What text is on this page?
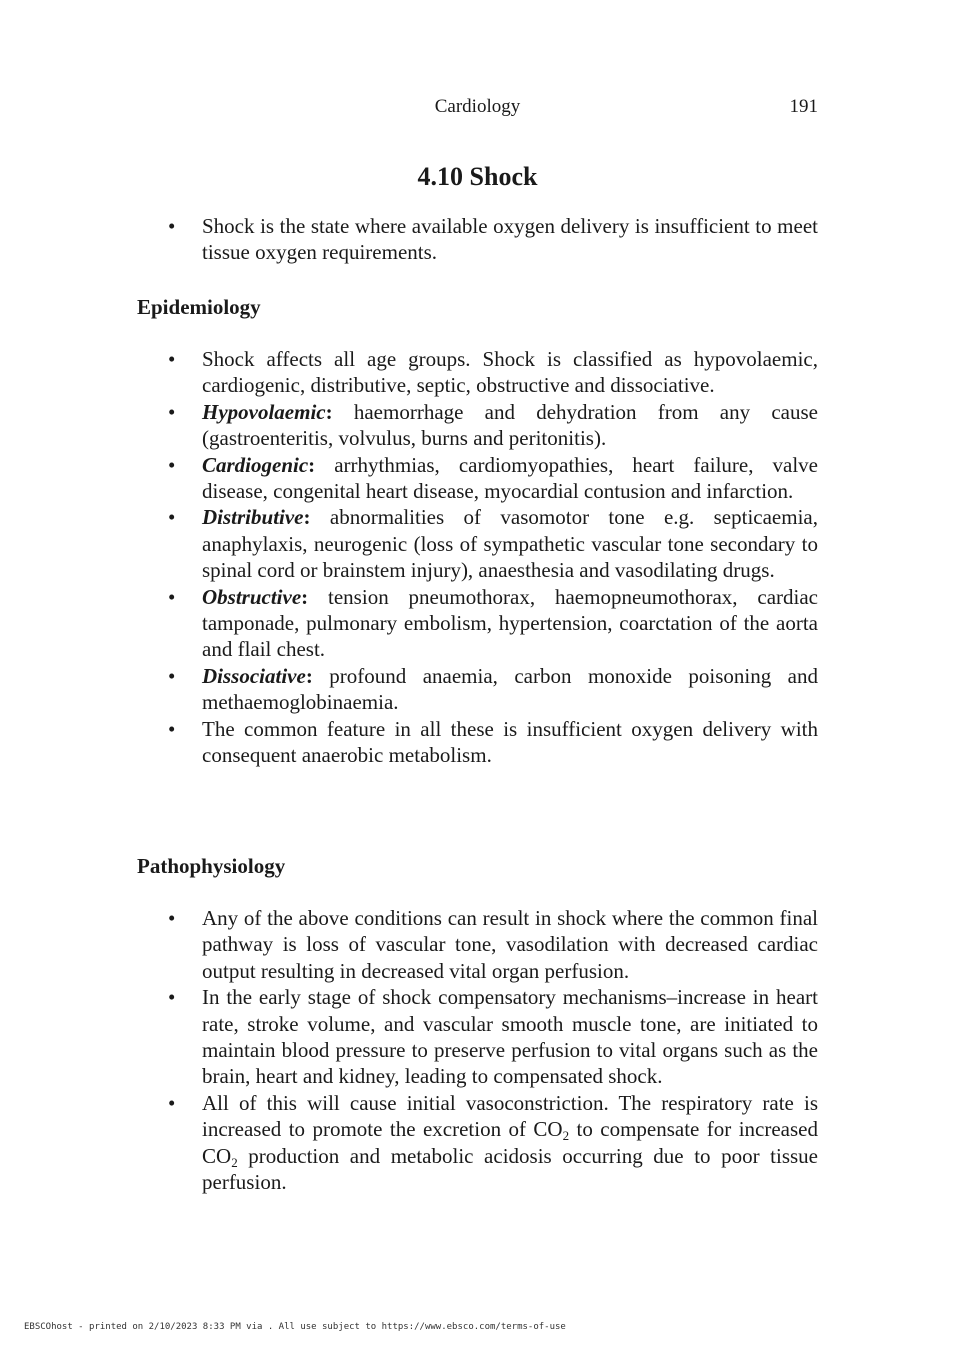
Cardiology	191
4.10 Shock
• Shock is the state where available oxygen delivery is insufficient to meet tissue oxygen requirements.
Epidemiology
• Shock affects all age groups. Shock is classified as hypovolaemic, cardiogenic, distributive, septic, obstructive and dissociative.
• Hypovolaemic: haemorrhage and dehydration from any cause (gastroenteritis, volvulus, burns and peritonitis).
• Cardiogenic: arrhythmias, cardiomyopathies, heart failure, valve disease, congenital heart disease, myocardial contusion and infarction.
• Distributive: abnormalities of vasomotor tone e.g. septicaemia, anaphylaxis, neurogenic (loss of sympathetic vascular tone secondary to spinal cord or brainstem injury), anaesthesia and vasodilating drugs.
• Obstructive: tension pneumothorax, haemopneumothorax, cardiac tamponade, pulmonary embolism, hypertension, coarctation of the aorta and flail chest.
• Dissociative: profound anaemia, carbon monoxide poisoning and methaemoglobinaemia.
• The common feature in all these is insufficient oxygen delivery with consequent anaerobic metabolism.
Pathophysiology
• Any of the above conditions can result in shock where the common final pathway is loss of vascular tone, vasodilation with decreased cardiac output resulting in decreased vital organ perfusion.
• In the early stage of shock compensatory mechanisms–increase in heart rate, stroke volume, and vascular smooth muscle tone, are initiated to maintain blood pressure to preserve perfusion to vital organs such as the brain, heart and kidney, leading to compensated shock.
• All of this will cause initial vasoconstriction. The respiratory rate is increased to promote the excretion of $CO_2$ to compensate for increased $CO_2$ production and metabolic acidosis occurring due to poor tissue perfusion.
EBSCOhost - printed on 2/10/2023 8:33 PM via . All use subject to https://www.ebsco.com/terms-of-use
